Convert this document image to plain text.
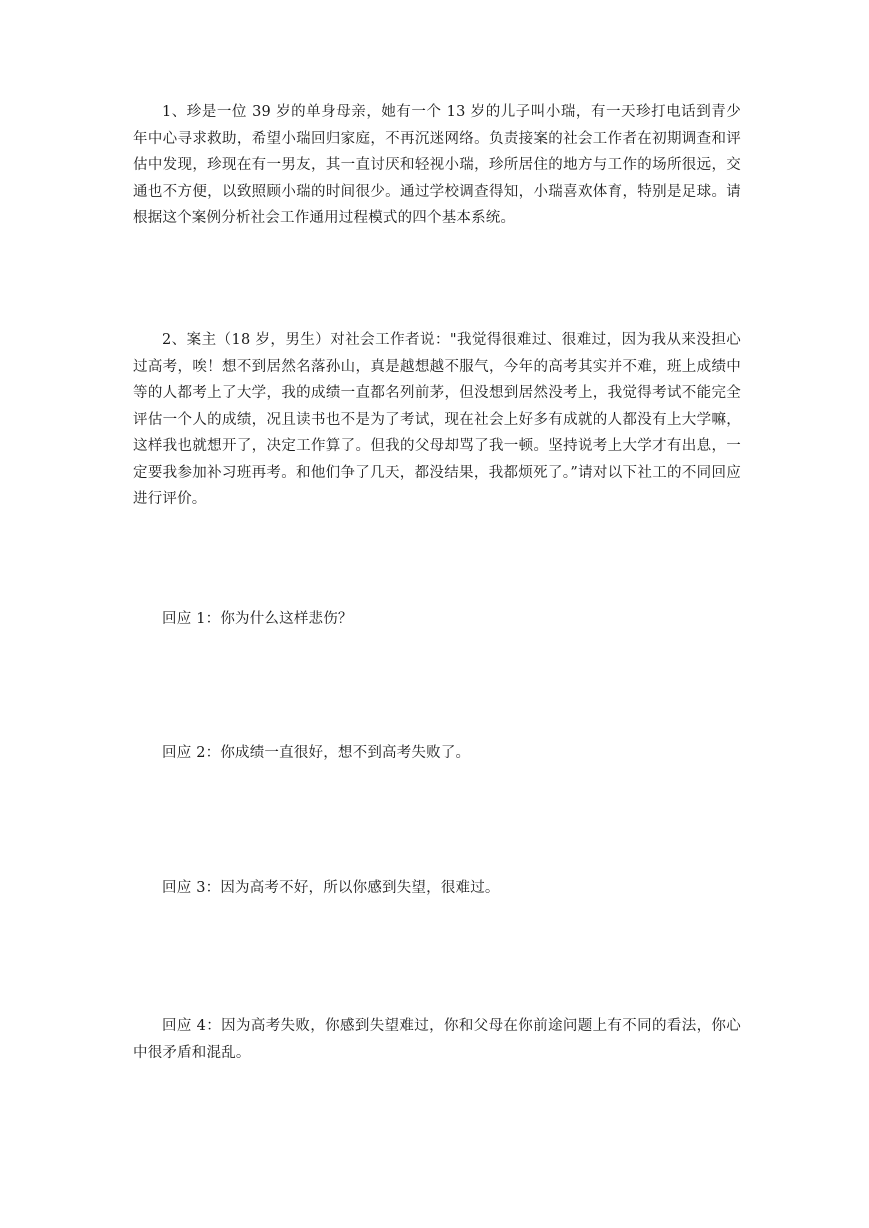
1、珍是一位 39 岁的单身母亲，她有一个 13 岁的儿子叫小瑞，有一天珍打电话到青少年中心寻求救助，希望小瑞回归家庭，不再沉迷网络。负责接案的社会工作者在初期调查和评估中发现，珍现在有一男友，其一直讨厌和轻视小瑞，珍所居住的地方与工作的场所很远，交通也不方便，以致照顾小瑞的时间很少。通过学校调查得知，小瑞喜欢体育，特别是足球。请根据这个案例分析社会工作通用过程模式的四个基本系统。

2、案主（18 岁，男生）对社会工作者说："我觉得很难过、很难过，因为我从来没担心过高考，唉！想不到居然名落孙山，真是越想越不服气，今年的高考其实并不难，班上成绩中等的人都考上了大学，我的成绩一直都名列前茅，但没想到居然没考上，我觉得考试不能完全评估一个人的成绩，况且读书也不是为了考试，现在社会上好多有成就的人都没有上大学嘛，这样我也就想开了，决定工作算了。但我的父母却骂了我一顿。坚持说考上大学才有出息，一定要我参加补习班再考。和他们争了几天，都没结果，我都烦死了。”请对以下社工的不同回应进行评价。

回应 1：你为什么这样悲伤？

回应 2：你成绩一直很好，想不到高考失败了。

回应 3：因为高考不好，所以你感到失望，很难过。

回应 4：因为高考失败，你感到失望难过，你和父母在你前途问题上有不同的看法，你心中很矛盾和混乱。
